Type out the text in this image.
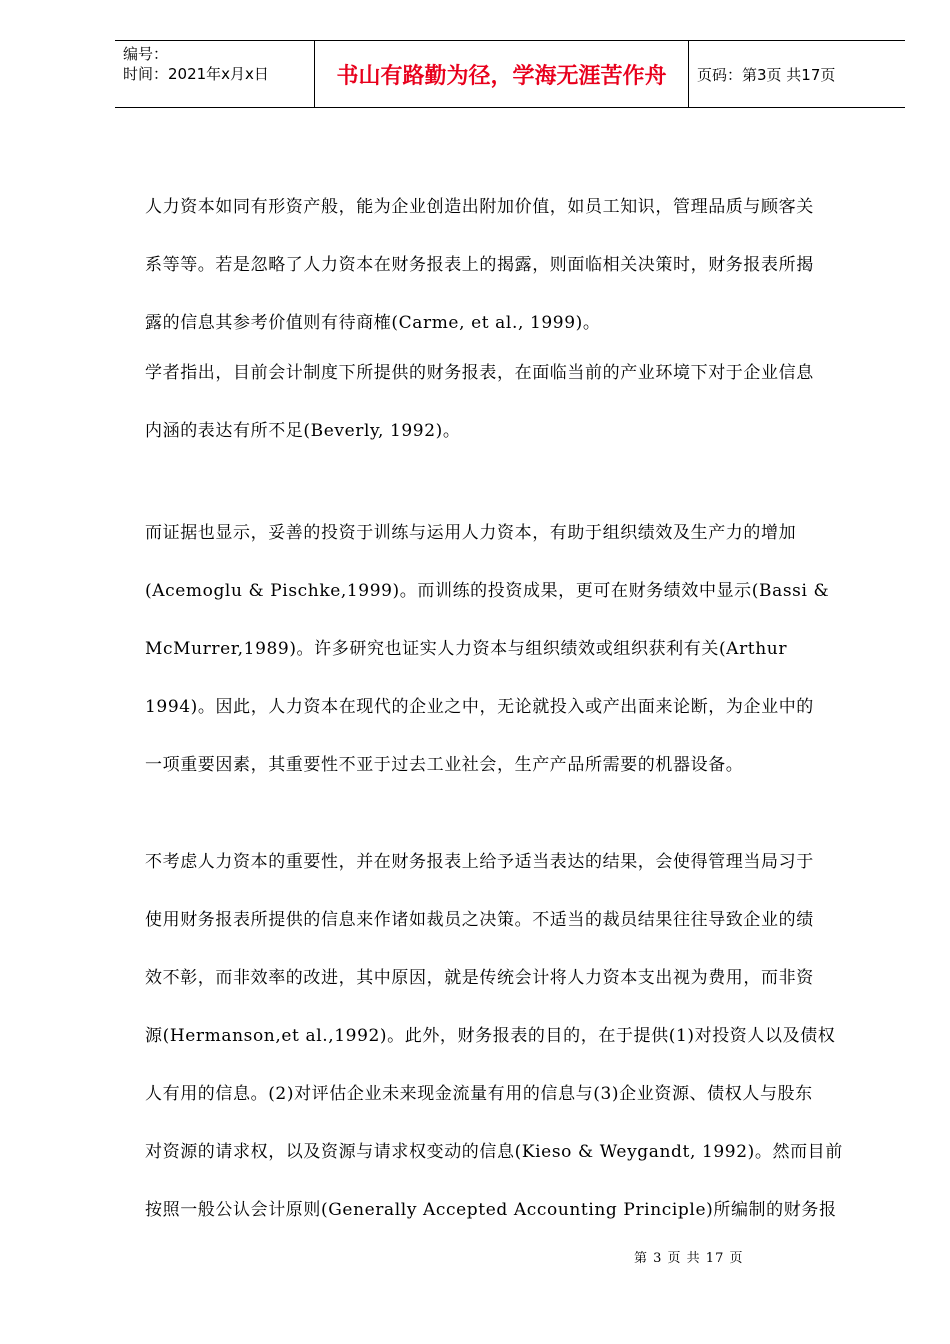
编号：
时间：2021年x月x日	书山有路勤为径，学海无涯苦作舟 页码：第3页 共17页

人力资本如同有形资产般，能为企业创造出附加价值，如员工知识，管理品质与顾客关

系等等。若是忽略了人力资本在财务报表上的揭露，则面临相关决策时，财务报表所揭

露的信息其参考价值则有待商榷(Carme, et al., 1999)。

学者指出，目前会计制度下所提供的财务报表，在面临当前的产业环境下对于企业信息

内涵的表达有所不足(Beverly, 1992)。

而证据也显示，妥善的投资于训练与运用人力资本，有助于组织绩效及生产力的增加

(Acemoglu & Pischke,1999)。而训练的投资成果，更可在财务绩效中显示(Bassi &

McMurrer,1989)。许多研究也证实人力资本与组织绩效或组织获利有关(Arthur

1994)。因此，人力资本在现代的企业之中，无论就投入或产出面来论断，为企业中的

一项重要因素，其重要性不亚于过去工业社会，生产产品所需要的机器设备。

不考虑人力资本的重要性，并在财务报表上给予适当表达的结果，会使得管理当局习于

使用财务报表所提供的信息来作诸如裁员之决策。不适当的裁员结果往往导致企业的绩

效不彰，而非效率的改进，其中原因，就是传统会计将人力资本支出视为费用，而非资

源(Hermanson,et al.,1992)。此外，财务报表的目的，在于提供(1)对投资人以及债权

人有用的信息。(2)对评估企业未来现金流量有用的信息与(3)企业资源、债权人与股东

对资源的请求权，以及资源与请求权变动的信息(Kieso & Weygandt, 1992)。然而目前

按照一般公认会计原则(Generally Accepted Accounting Principle)所编制的财务报

第 3 页 共 17 页
